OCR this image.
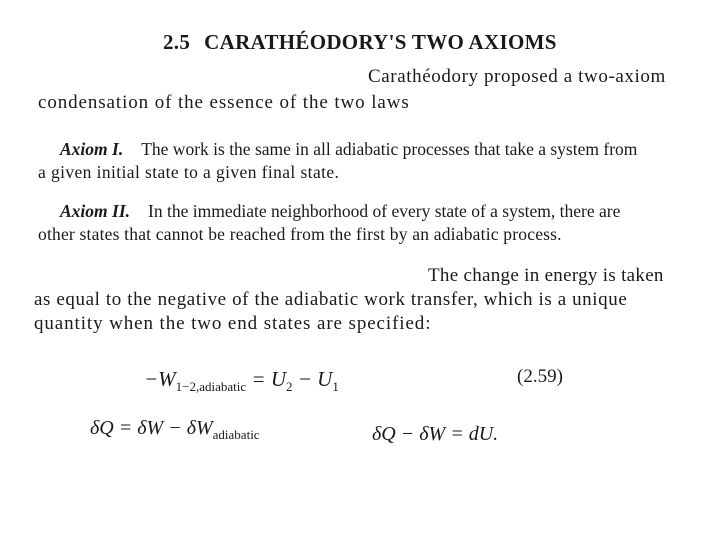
2.5 CARATHÉODORY'S TWO AXIOMS
Carathéodory proposed a two-axiom
condensation of the essence of the two laws
Axiom I. The work is the same in all adiabatic processes that take a system from
a given initial state to a given final state.
Axiom II. In the immediate neighborhood of every state of a system, there are
other states that cannot be reached from the first by an adiabatic process.
The change in energy is taken
as equal to the negative of the adiabatic work transfer, which is a unique
quantity when the two end states are specified:
$-W_{1-2,adiabatic} = U_2 - U_1$	(2.59)
$\delta Q = \delta W - \delta W_{adiabatic}$	δQ − δW = dU.
